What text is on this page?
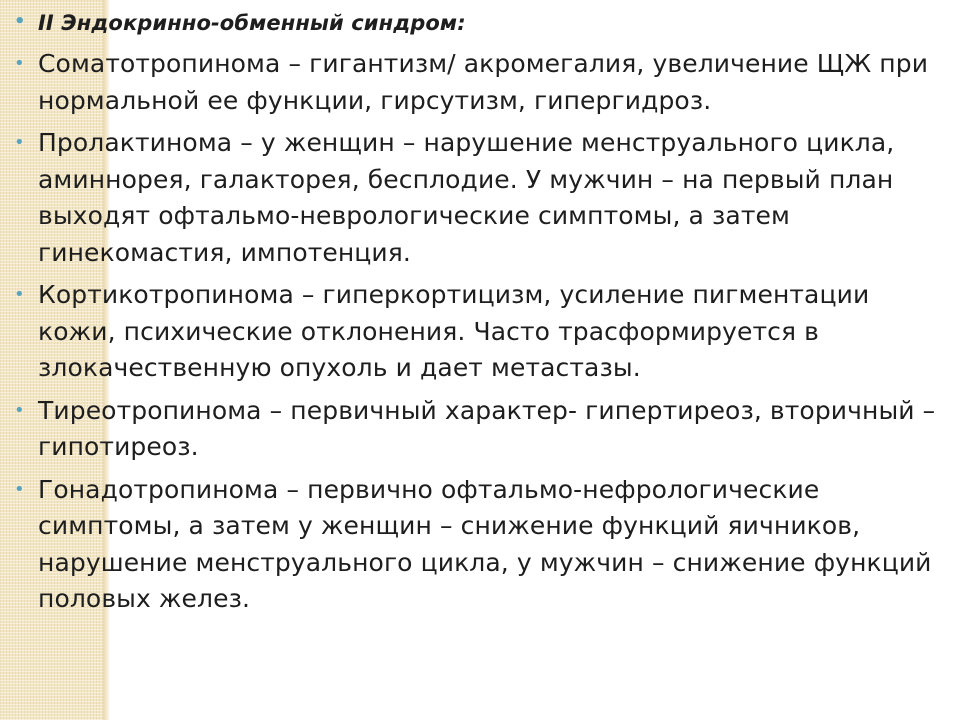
• II Эндокринно-обменный синдром:
• Соматотропинома – гигантизм/ акромегалия, увеличение ЩЖ при нормальной ее функции, гирсутизм, гипергидроз.
• Пролактинома – у женщин – нарушение менструального цикла, аминнорея, галакторея, бесплодие. У мужчин – на первый план выходят офтальмо-неврологические симптомы, а затем гинекомастия, импотенция.
• Кортикотропинома – гиперкортицизм, усиление пигментации кожи, психические отклонения. Часто трасформируется в злокачественную опухоль и дает метастазы.
• Тиреотропинома – первичный характер- гипертиреоз, вторичный – гипотиреоз.
• Гонадотропинома – первично офтальмо-нефрологические симптомы, а затем у женщин – снижение функций яичников, нарушение менструального цикла, у мужчин – снижение функций половых желез.
